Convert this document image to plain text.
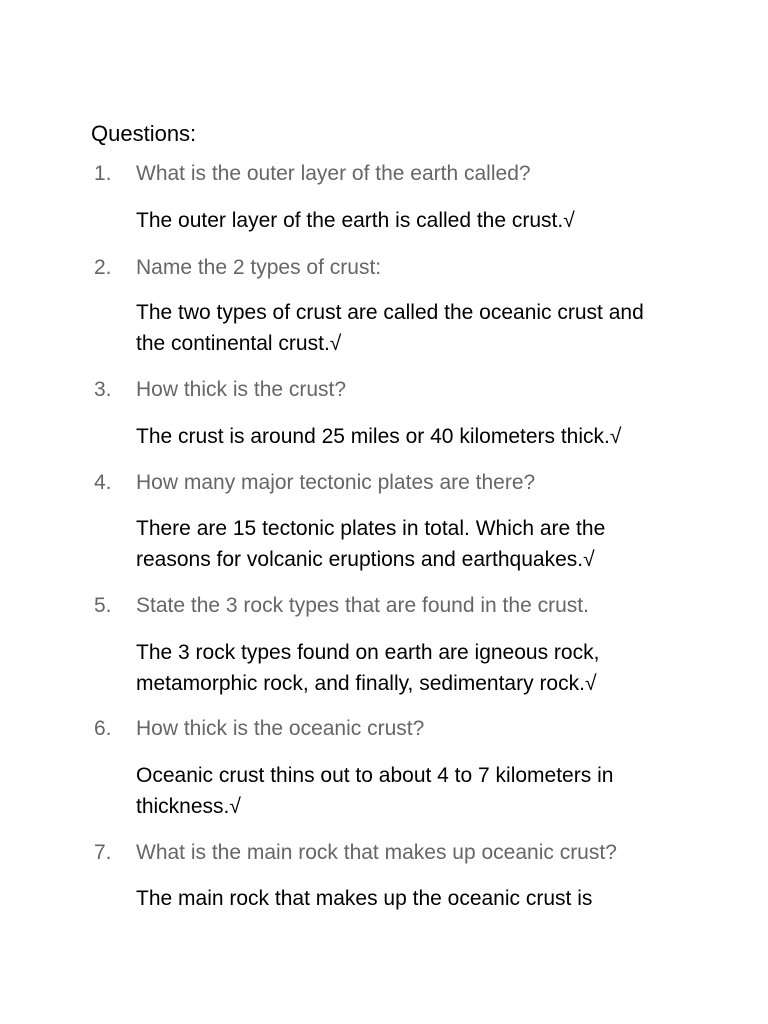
Questions:
1. What is the outer layer of the earth called?

The outer layer of the earth is called the crust.√

2. Name the 2 types of crust:

The two types of crust are called the oceanic crust and the continental crust.√

3. How thick is the crust?

The crust is around 25 miles or 40 kilometers thick.√

4. How many major tectonic plates are there?

There are 15 tectonic plates in total. Which are the reasons for volcanic eruptions and earthquakes.√

5. State the 3 rock types that are found in the crust.

The 3 rock types found on earth are igneous rock, metamorphic rock, and finally, sedimentary rock.√

6. How thick is the oceanic crust?

Oceanic crust thins out to about 4 to 7 kilometers in thickness.√

7. What is the main rock that makes up oceanic crust?

The main rock that makes up the oceanic crust is
